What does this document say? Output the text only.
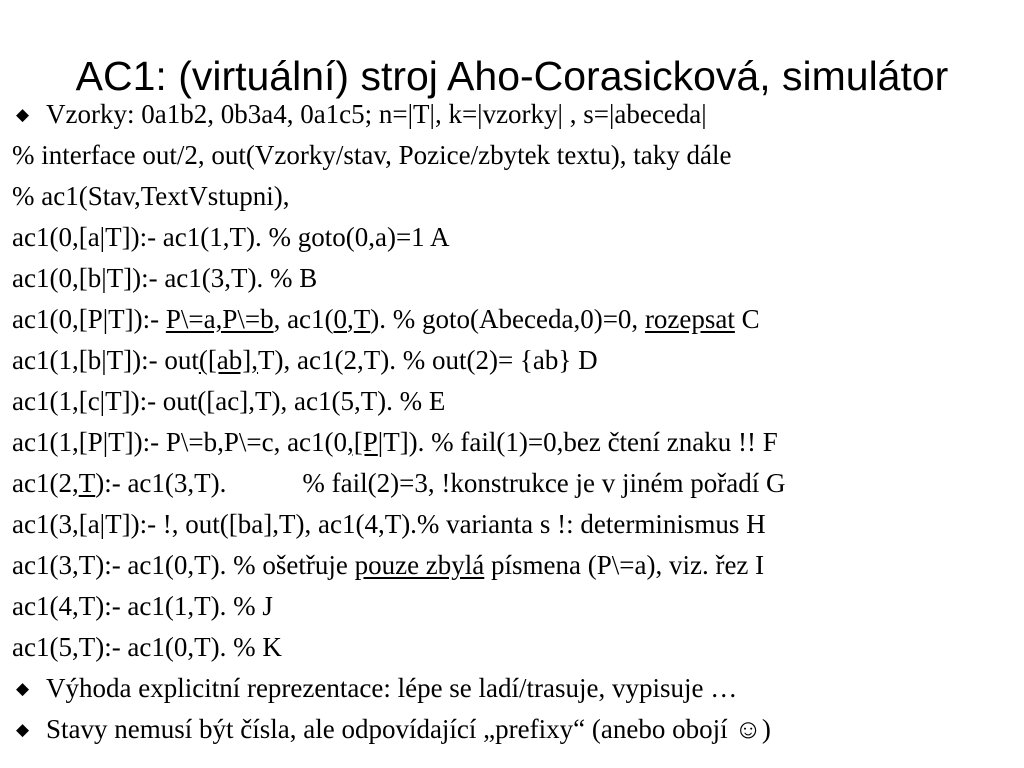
AC1: (virtuální) stroj Aho-Corasicková, simulátor
◆ Vzorky: 0a1b2, 0b3a4, 0a1c5; n=|T|, k=|vzorky| , s=|abeceda|
% interface out/2, out(Vzorky/stav, Pozice/zbytek textu), taky dále
% ac1(Stav,TextVstupni),
ac1(0,[a|T]):- ac1(1,T). % goto(0,a)=1 A
ac1(0,[b|T]):- ac1(3,T). % B
ac1(0,[P|T]):- P\=a,P\=b, ac1(0,T). % goto(Abeceda,0)=0, rozepsat C
ac1(1,[b|T]):- out([ab],T), ac1(2,T). % out(2)= {ab} D
ac1(1,[c|T]):- out([ac],T), ac1(5,T). % E
ac1(1,[P|T]):- P\=b,P\=c, ac1(0,[P|T]). % fail(1)=0,bez čtení znaku !! F
ac1(2,T):- ac1(3,T).	% fail(2)=3, !konstrukce je v jiném pořadí G
ac1(3,[a|T]):- !, out([ba],T), ac1(4,T).% varianta s !: determinismus H
ac1(3,T):- ac1(0,T). % ošetřuje pouze zbylá písmena (P\=a), viz. řez I
ac1(4,T):- ac1(1,T). % J
ac1(5,T):- ac1(0,T). % K
◆ Výhoda explicitní reprezentace: lépe se ladí/trasuje, vypisuje …
◆ Stavy nemusí být čísla, ale odpovídající „prefixy“ (anebo obojí ☺)
